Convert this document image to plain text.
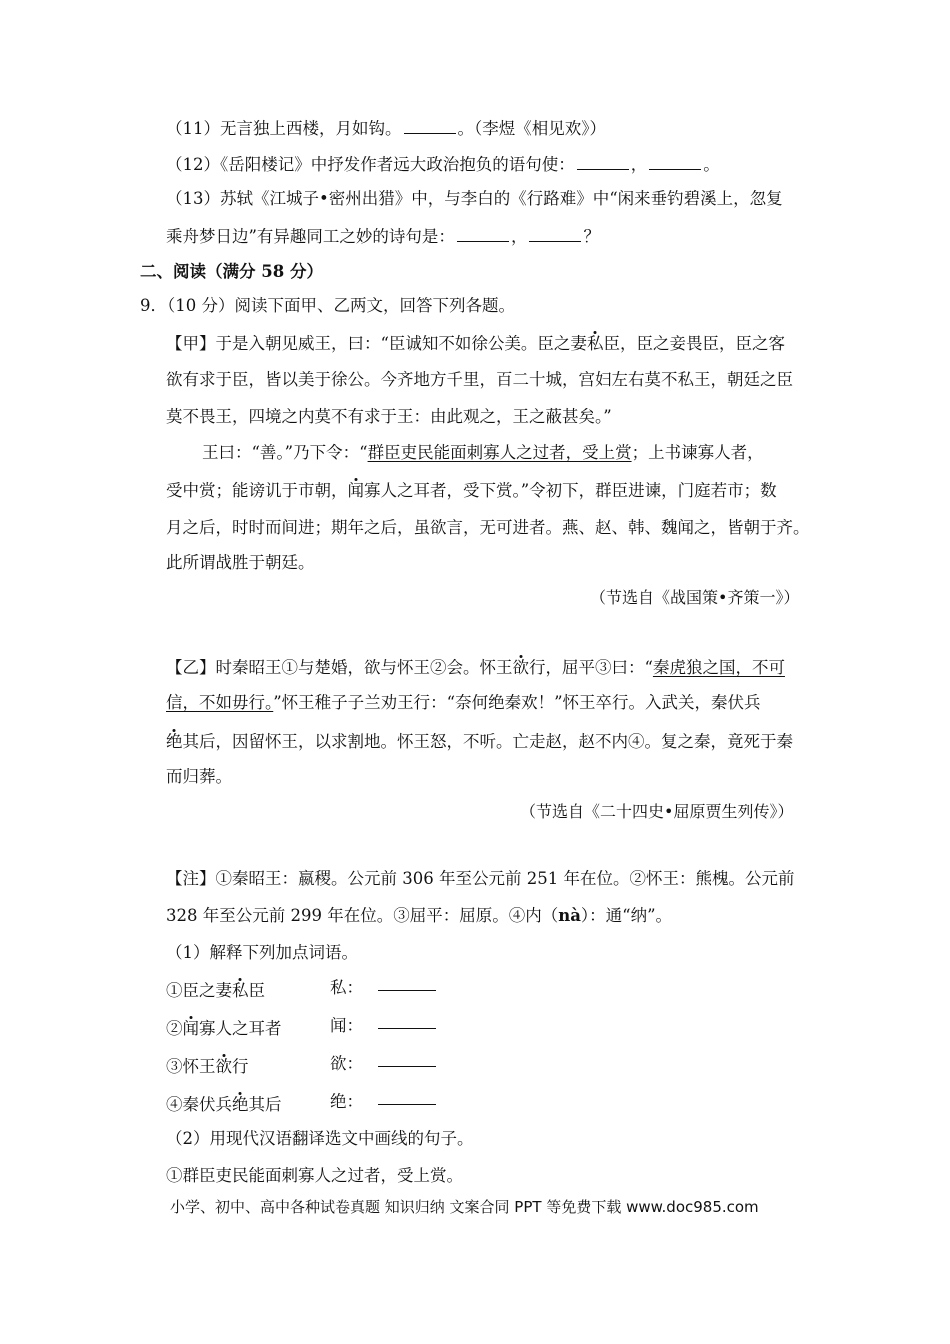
（11）无言独上西楼，月如钩。	。（李煜《相见欢》）
（12）《岳阳楼记》中抒发作者远大政治抱负的语句使：	，	。
（13）苏轼《江城子•密州出猎》中，与李白的《行路难》中“闲来垂钓碧溪上，忽复
乘舟梦日边”有异趣同工之妙的诗句是：	，	？
二、阅读（满分 58 分）
9．（10 分）阅读下面甲、乙两文，回答下列各题。
【甲】于是入朝见威王，曰：“臣诚知不如徐公美。臣之妻私臣，臣之妾畏臣，臣之客
欲有求于臣，皆以美于徐公。今齐地方千里，百二十城，宫妇左右莫不私王，朝廷之臣
莫不畏王，四境之内莫不有求于王：由此观之，王之蔽甚矣。”
王曰：“善。”乃下令：“群臣吏民能面刺寡人之过者，受上赏；上书谏寡人者，
受中赏；能谤讥于市朝，闻寡人之耳者，受下赏。”令初下，群臣进谏，门庭若市；数
月之后，时时而间进；期年之后，虽欲言，无可进者。燕、赵、韩、魏闻之，皆朝于齐。
此所谓战胜于朝廷。
（节选自《战国策•齐策一》）
【乙】时秦昭王①与楚婚，欲与怀王②会。怀王欲行，屈平③曰：“秦虎狼之国，不可
信，不如毋行。”怀王稚子子兰劝王行：“奈何绝秦欢！”怀王卒行。入武关，秦伏兵
绝其后，因留怀王，以求割地。怀王怒，不听。亡走赵，赵不内④。复之秦，竟死于秦
而归葬。
（节选自《二十四史•屈原贾生列传》）
【注】①秦昭王：嬴稷。公元前 306 年至公元前 251 年在位。②怀王：熊槐。公元前
328 年至公元前 299 年在位。③屈平：屈原。④内（nà）：通“纳”。
（1）解释下列加点词语。
①臣之妻私臣	私：
②闻寡人之耳者	闻：
③怀王欲行	欲：
④秦伏兵绝其后	绝：
（2）用现代汉语翻译选文中画线的句子。
①群臣吏民能面刺寡人之过者，受上赏。
小学、初中、高中各种试卷真题 知识归纳 文案合同 PPT 等免费下载 www.doc985.com
